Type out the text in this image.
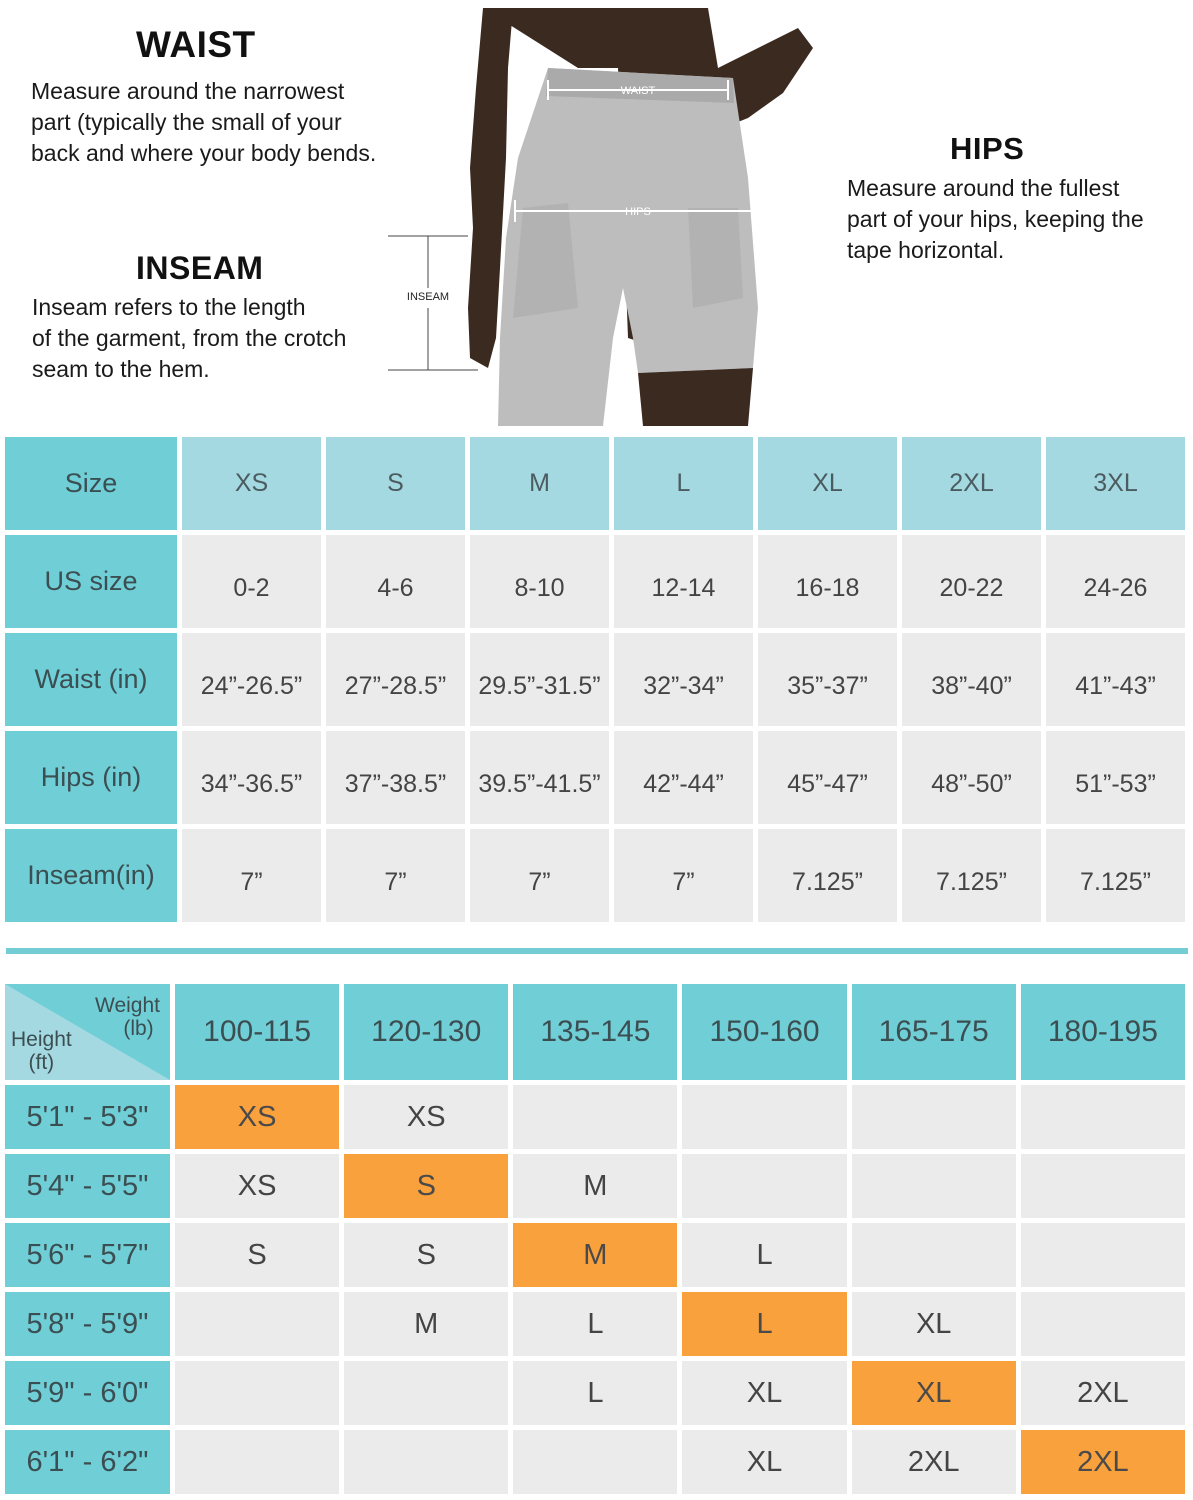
WAIST
Measure around the narrowest
part (typically the small of your
back and where your body bends.
INSEAM
Inseam refers to the length
of the garment, from the crotch
seam to the hem.
HIPS
Measure around the fullest
part of your hips, keeping the
tape horizontal.
WAIST
HIPS
INSEAM
Size	XS	S	M	L	XL	2XL	3XL
US size	0-2	4-6	8-10	12-14	16-18	20-22	24-26
Waist (in)	24”-26.5”	27”-28.5”	29.5”-31.5”	32”-34”	35”-37”	38”-40”	41”-43”
Hips (in)	34”-36.5”	37”-38.5”	39.5”-41.5”	42”-44”	45”-47”	48”-50”	51”-53”
Inseam(in)	7”	7”	7”	7”	7.125”	7.125”	7.125”
Weight
(lb)
Height
(ft)	100-115	120-130	135-145	150-160	165-175	180-195
5'1" - 5'3"	XS	XS				
5'4" - 5'5"	XS	S	M			
5'6" - 5'7"	S	S	M	L		
5'8" - 5'9"		M	L	L	XL	
5'9" - 6'0"			L	XL	XL	2XL
6'1" - 6'2"				XL	2XL	2XL
